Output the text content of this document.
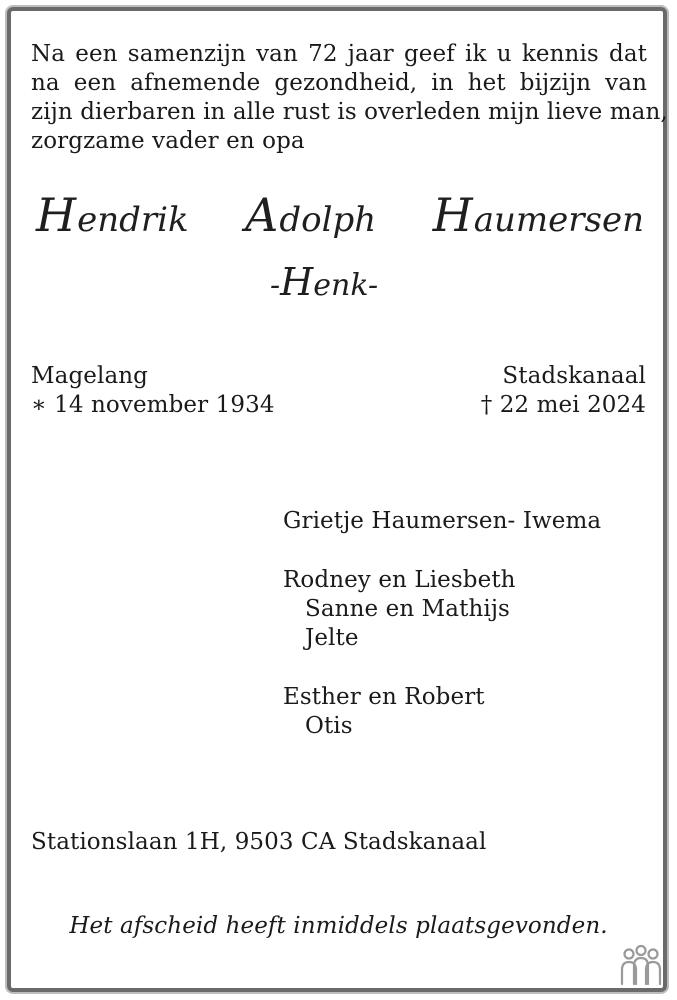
Na een samenzijn van 72 jaar geef ik u kennis dat
na een afnemende gezondheid, in het bijzijn van
zijn dierbaren in alle rust is overleden mijn lieve man,
zorgzame vader en opa
Hendrik Adolph Haumersen
-Henk-
Magelang
∗ 14 november 1934
Stadskanaal
† 22 mei 2024
Grietje Haumersen- Iwema
Rodney en Liesbeth
Sanne en Mathijs
Jelte
Esther en Robert
Otis
Stationslaan 1H, 9503 CA Stadskanaal
Het afscheid heeft inmiddels plaatsgevonden.
